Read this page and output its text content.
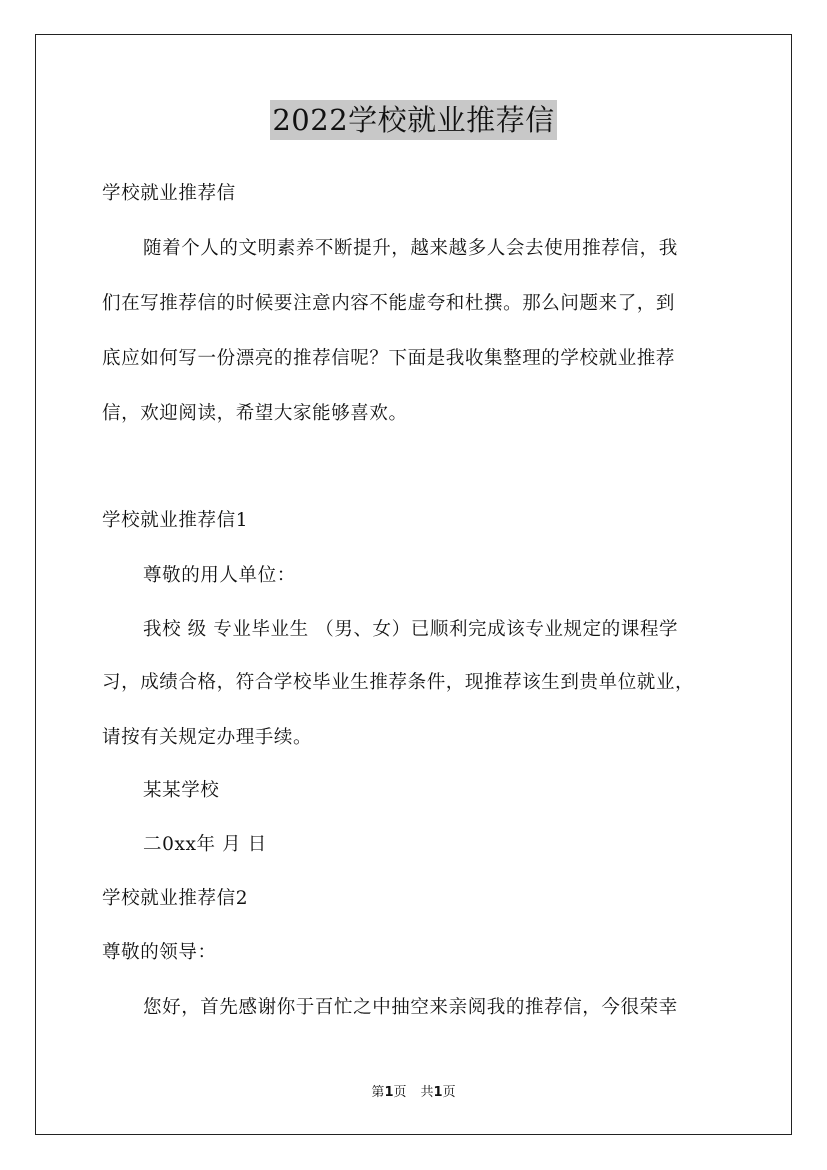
2022学校就业推荐信
学校就业推荐信
随着个人的文明素养不断提升，越来越多人会去使用推荐信，我
们在写推荐信的时候要注意内容不能虚夸和杜撰。那么问题来了，到
底应如何写一份漂亮的推荐信呢？下面是我收集整理的学校就业推荐
信，欢迎阅读，希望大家能够喜欢。
学校就业推荐信1
尊敬的用人单位：
我校 级 专业毕业生 （男、女）已顺利完成该专业规定的课程学
习，成绩合格，符合学校毕业生推荐条件，现推荐该生到贵单位就业，
请按有关规定办理手续。
某某学校
二0xx年 月 日
学校就业推荐信2
尊敬的领导：
您好，首先感谢你于百忙之中抽空来亲阅我的推荐信，今很荣幸
第1页 共1页
